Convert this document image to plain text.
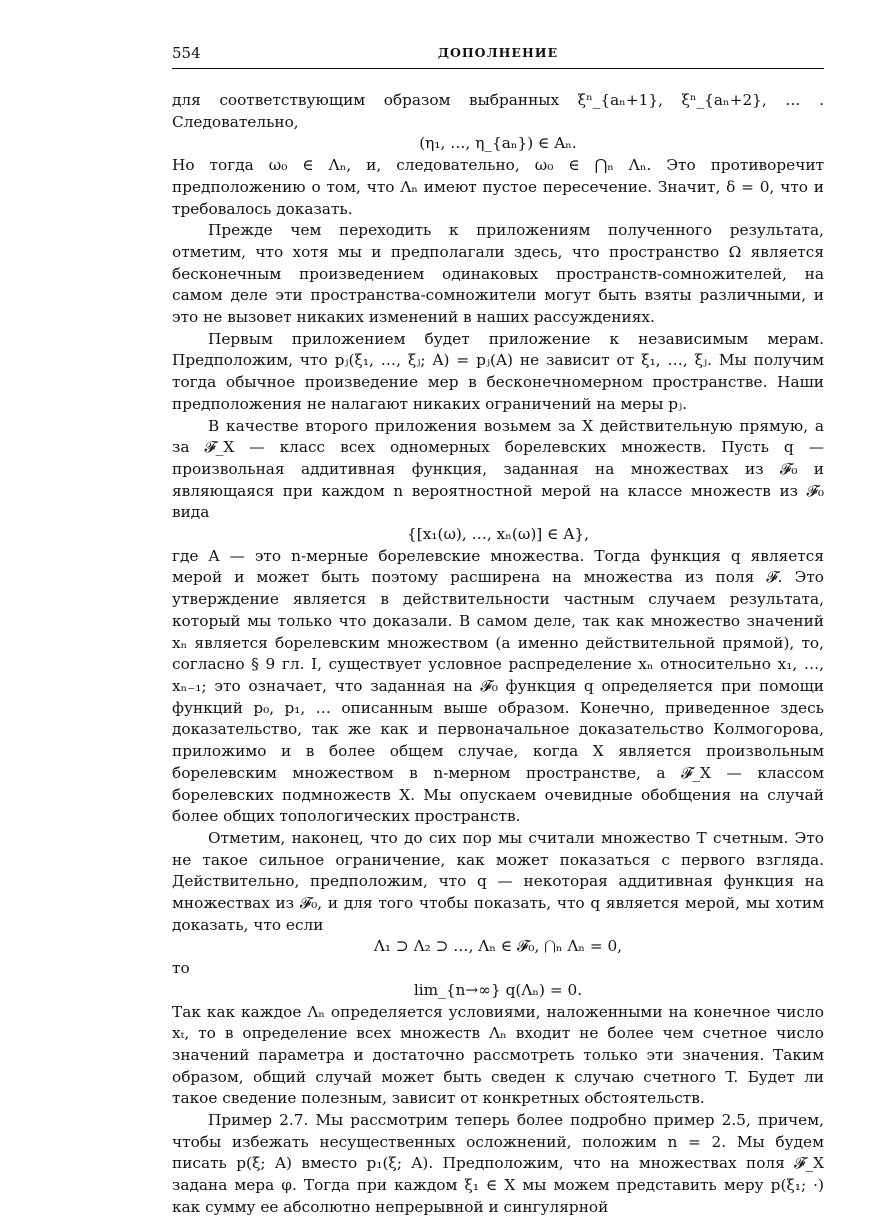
554	ДОПОЛНЕНИЕ

для соответствующим образом выбранных ξⁿ_{aₙ+1}, ξⁿ_{aₙ+2}, … . Следовательно,

(η₁, …, η_{aₙ}) ∈ Aₙ.

Но тогда ω₀ ∈ Λₙ, и, следовательно, ω₀ ∈ ⋂ₙ Λₙ. Это противоречит предположению о том, что Λₙ имеют пустое пересечение. Значит, δ = 0, что и требовалось доказать.

Прежде чем переходить к приложениям полученного результата, отметим, что хотя мы и предполагали здесь, что пространство Ω является бесконечным произведением одинаковых пространств-сомножителей, на самом деле эти пространства-сомножители могут быть взяты различными, и это не вызовет никаких изменений в наших рассуждениях.

Первым приложением будет приложение к независимым мерам. Предположим, что pⱼ(ξ₁, …, ξⱼ; A) = pⱼ(A) не зависит от ξ₁, …, ξⱼ. Мы получим тогда обычное произведение мер в бесконечномерном пространстве. Наши предположения не налагают никаких ограничений на меры pⱼ.

В качестве второго приложения возьмем за X действительную прямую, а за 𝓕_X — класс всех одномерных борелевских множеств. Пусть q — произвольная аддитивная функция, заданная на множествах из 𝓕₀ и являющаяся при каждом n вероятностной мерой на классе множеств из 𝓕₀ вида

{[x₁(ω), …, xₙ(ω)] ∈ A},

где A — это n-мерные борелевские множества. Тогда функция q является мерой и может быть поэтому расширена на множества из поля 𝓕. Это утверждение является в действительности частным случаем результата, который мы только что доказали. В самом деле, так как множество значений xₙ является борелевским множеством (а именно действительной прямой), то, согласно § 9 гл. I, существует условное распределение xₙ относительно x₁, …, xₙ₋₁; это означает, что заданная на 𝓕₀ функция q определяется при помощи функций p₀, p₁, … описанным выше образом. Конечно, приведенное здесь доказательство, так же как и первоначальное доказательство Колмогорова, приложимо и в более общем случае, когда X является произвольным борелевским множеством в n-мерном пространстве, а 𝓕_X — классом борелевских подмножеств X. Мы опускаем очевидные обобщения на случай более общих топологических пространств.

Отметим, наконец, что до сих пор мы считали множество T счетным. Это не такое сильное ограничение, как может показаться с первого взгляда. Действительно, предположим, что q — некоторая аддитивная функция на множествах из 𝓕₀, и для того чтобы показать, что q является мерой, мы хотим доказать, что если

Λ₁ ⊃ Λ₂ ⊃ …, Λₙ ∈ 𝓕₀, ⋂ₙ Λₙ = 0,

то

lim_{n→∞} q(Λₙ) = 0.

Так как каждое Λₙ определяется условиями, наложенными на конечное число xₜ, то в определение всех множеств Λₙ входит не более чем счетное число значений параметра и достаточно рассмотреть только эти значения. Таким образом, общий случай может быть сведен к случаю счетного T. Будет ли такое сведение полезным, зависит от конкретных обстоятельств.

Пример 2.7. Мы рассмотрим теперь более подробно пример 2.5, причем, чтобы избежать несущественных осложнений, положим n = 2. Мы будем писать p(ξ; A) вместо p₁(ξ; A). Предположим, что на множествах поля 𝓕_X задана мера φ. Тогда при каждом ξ₁ ∈ X мы можем представить меру p(ξ₁; ·) как сумму ее абсолютно непрерывной и сингулярной
